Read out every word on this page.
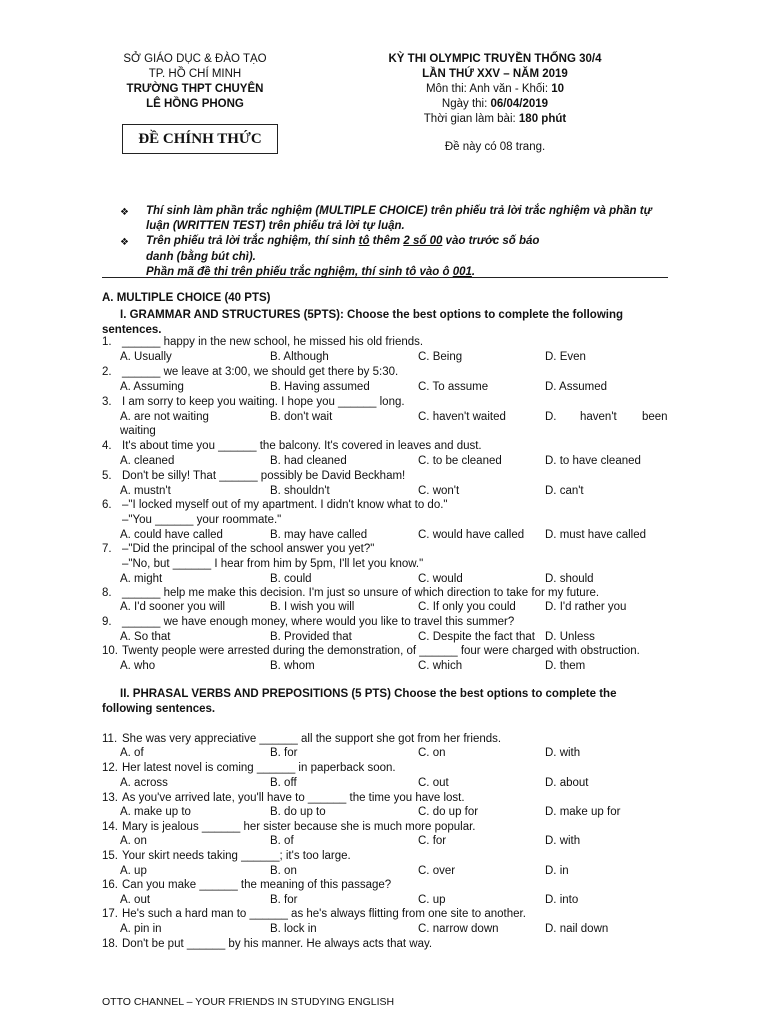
SỞ GIÁO DỤC & ĐÀO TẠO
TP. HỒ CHÍ MINH
TRƯỜNG THPT CHUYÊN
LÊ HỒNG PHONG
KỲ THI OLYMPIC TRUYỀN THỐNG 30/4
LẦN THỨ XXV – NĂM 2019
Môn thi: Anh văn - Khối: 10
Ngày thi: 06/04/2019
Thời gian làm bài: 180 phút
ĐỀ CHÍNH THỨC	Đề này có 08 trang.
❖	Thí sinh làm phần trắc nghiệm (MULTIPLE CHOICE) trên phiếu trả lời trắc nghiệm và phần tự luận (WRITTEN TEST) trên phiếu trả lời tự luận.
❖	Trên phiếu trả lời trắc nghiệm, thí sinh tô thêm 2 số 00 vào trước số báo
danh (bằng bút chì).
Phần mã đề thi trên phiếu trắc nghiệm, thí sinh tô vào ô 001.
A. MULTIPLE CHOICE (40 PTS)
I. GRAMMAR AND STRUCTURES (5PTS): Choose the best options to complete the following sentences.
1. ______ happy in the new school, he missed his old friends.
A. Usually	B. Although	C. Being	D. Even
2. ______ we leave at 3:00, we should get there by 5:30.
A. Assuming	B. Having assumed	C. To assume	D. Assumed
3. I am sorry to keep you waiting. I hope you ______ long.
A. are not waiting	B. don't wait	C. haven't waited	D. haven't been
waiting
4. It's about time you ______ the balcony. It's covered in leaves and dust.
A. cleaned	B. had cleaned	C. to be cleaned	D. to have cleaned
5. Don't be silly! That ______ possibly be David Beckham!
A. mustn't	B. shouldn't	C. won't	D. can't
6. –"I locked myself out of my apartment. I didn't know what to do."
–"You ______ your roommate."
A. could have called	B. may have called	C. would have called D. must have called
7. –"Did the principal of the school answer you yet?"
–"No, but ______ I hear from him by 5pm, I'll let you know."
A. might	B. could	C. would	D. should
8. ______ help me make this decision. I'm just so unsure of which direction to take for my future.
A. I'd sooner you will	B. I wish you will	C. If only you could	D. I'd rather you
9. ______ we have enough money, where would you like to travel this summer?
A. So that	B. Provided that	C. Despite the fact that D. Unless
10. Twenty people were arrested during the demonstration, of ______ four were charged with obstruction.
A. who	B. whom	C. which	D. them
II. PHRASAL VERBS AND PREPOSITIONS (5 PTS) Choose the best options to complete the following sentences.
11. She was very appreciative ______ all the support she got from her friends.
A. of	B. for	C. on	D. with
12. Her latest novel is coming ______ in paperback soon.
A. across	B. off	C. out	D. about
13. As you've arrived late, you'll have to ______ the time you have lost.
A. make up to	B. do up to	C. do up for	D. make up for
14. Mary is jealous ______ her sister because she is much more popular.
A. on	B. of	C. for	D. with
15. Your skirt needs taking ______; it's too large.
A. up	B. on	C. over	D. in
16. Can you make ______ the meaning of this passage?
A. out	B. for	C. up	D. into
17. He's such a hard man to ______ as he's always flitting from one site to another.
A. pin in	B. lock in	C. narrow down	D. nail down
18. Don't be put ______ by his manner. He always acts that way.
OTTO CHANNEL – YOUR FRIENDS IN STUDYING ENGLISH
